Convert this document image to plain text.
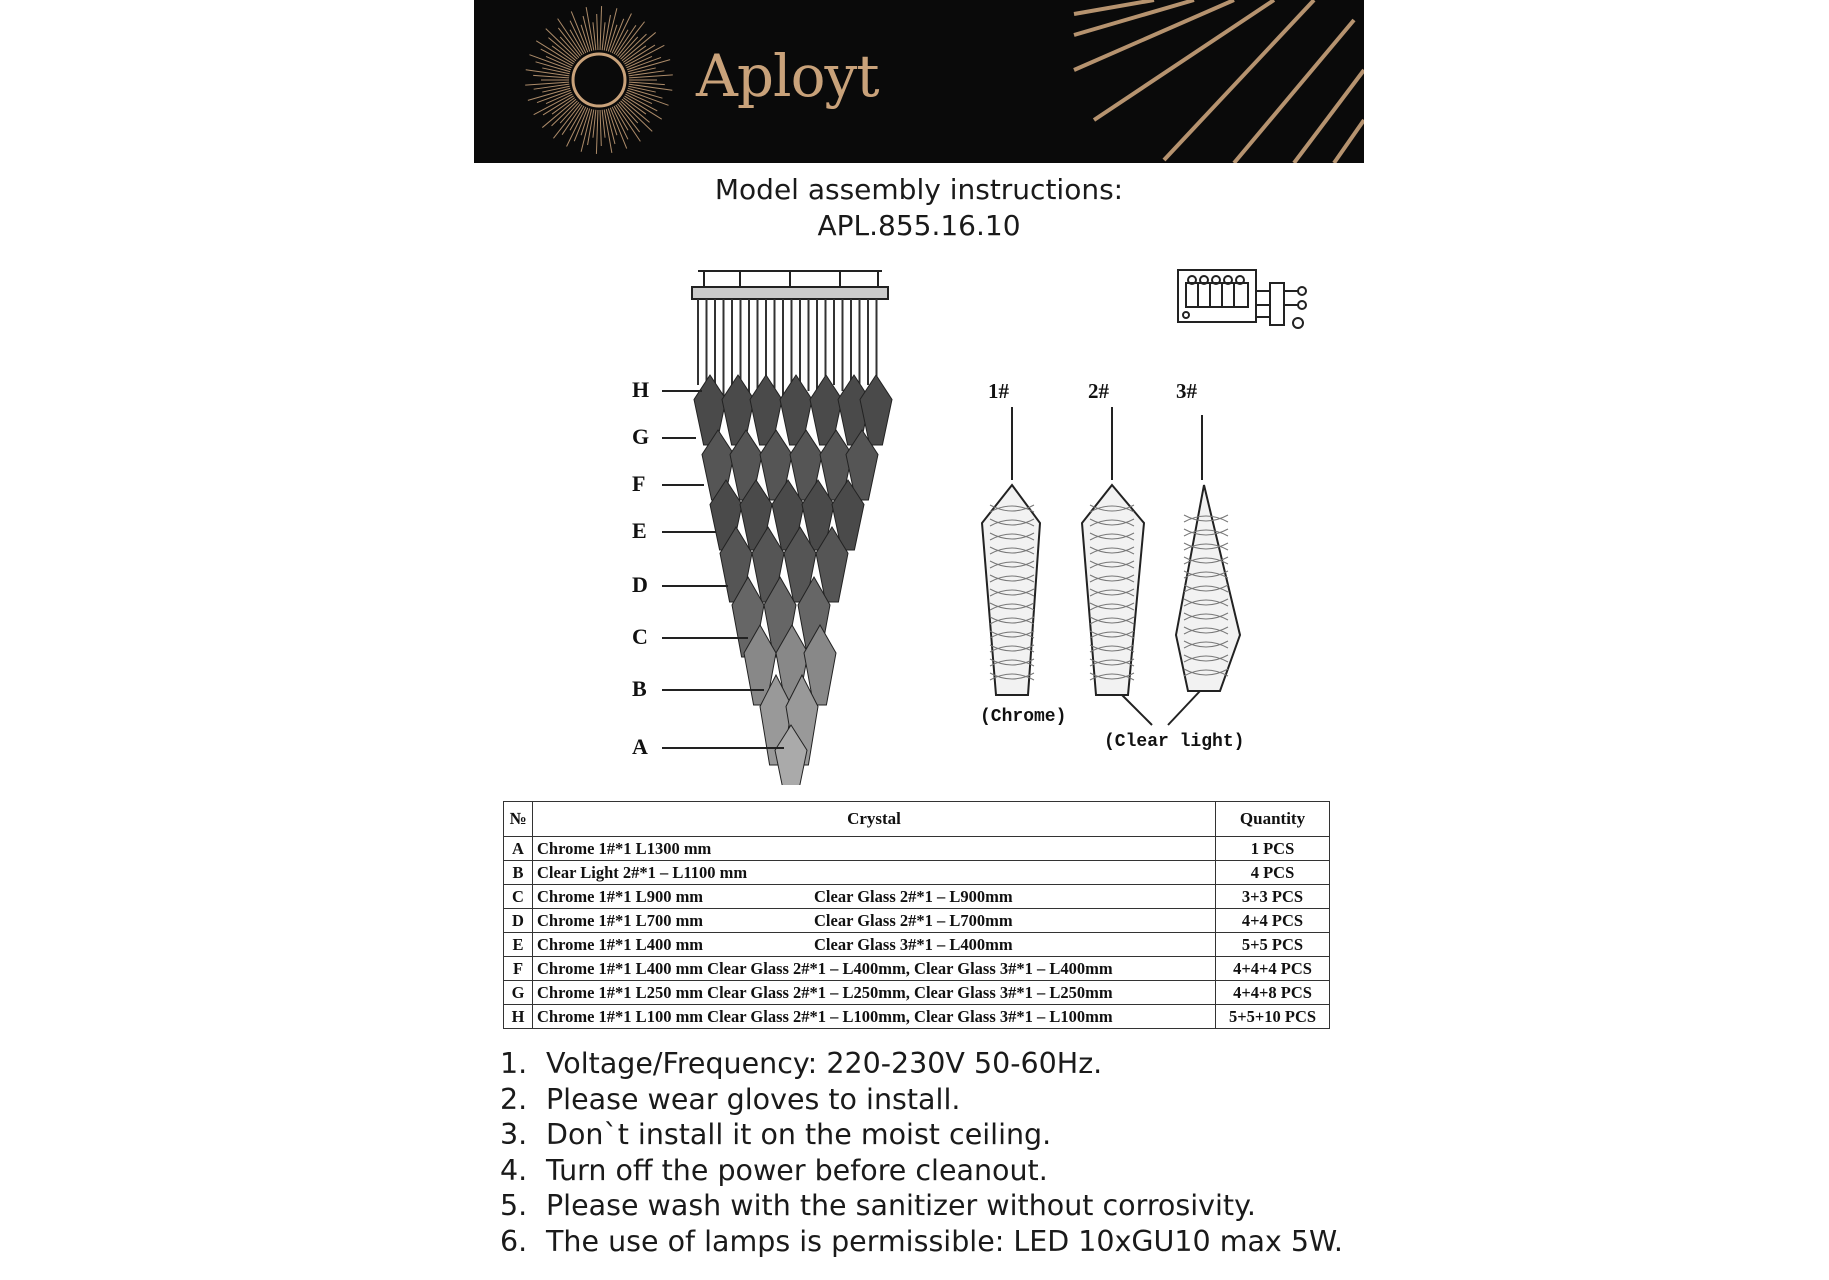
Aployt
Model assembly instructions:
APL.855.16.10
H
G
F
E
D
C
B
A
1#	2#	3#
(Chrome)
(Clear light)
№	Crystal	Quantity
A	Chrome 1#*1 L1300 mm	1 PCS
B	Clear Light 2#*1 – L1100 mm	4 PCS
C	Chrome 1#*1 L900 mm Clear Glass 2#*1 – L900mm	3+3 PCS
D	Chrome 1#*1 L700 mm Clear Glass 2#*1 – L700mm	4+4 PCS
E	Chrome 1#*1 L400 mm Clear Glass 3#*1 – L400mm	5+5 PCS
F	Chrome 1#*1 L400 mm Clear Glass 2#*1 – L400mm, Clear Glass 3#*1 – L400mm	4+4+4 PCS
G	Chrome 1#*1 L250 mm Clear Glass 2#*1 – L250mm, Clear Glass 3#*1 – L250mm	4+4+8 PCS
H	Chrome 1#*1 L100 mm Clear Glass 2#*1 – L100mm, Clear Glass 3#*1 – L100mm	5+5+10 PCS
1. Voltage/Frequency: 220-230V 50-60Hz.
2. Please wear gloves to install.
3. Don`t install it on the moist ceiling.
4. Turn off the power before cleanout.
5. Please wash with the sanitizer without corrosivity.
6. The use of lamps is permissible: LED 10xGU10 max 5W.
